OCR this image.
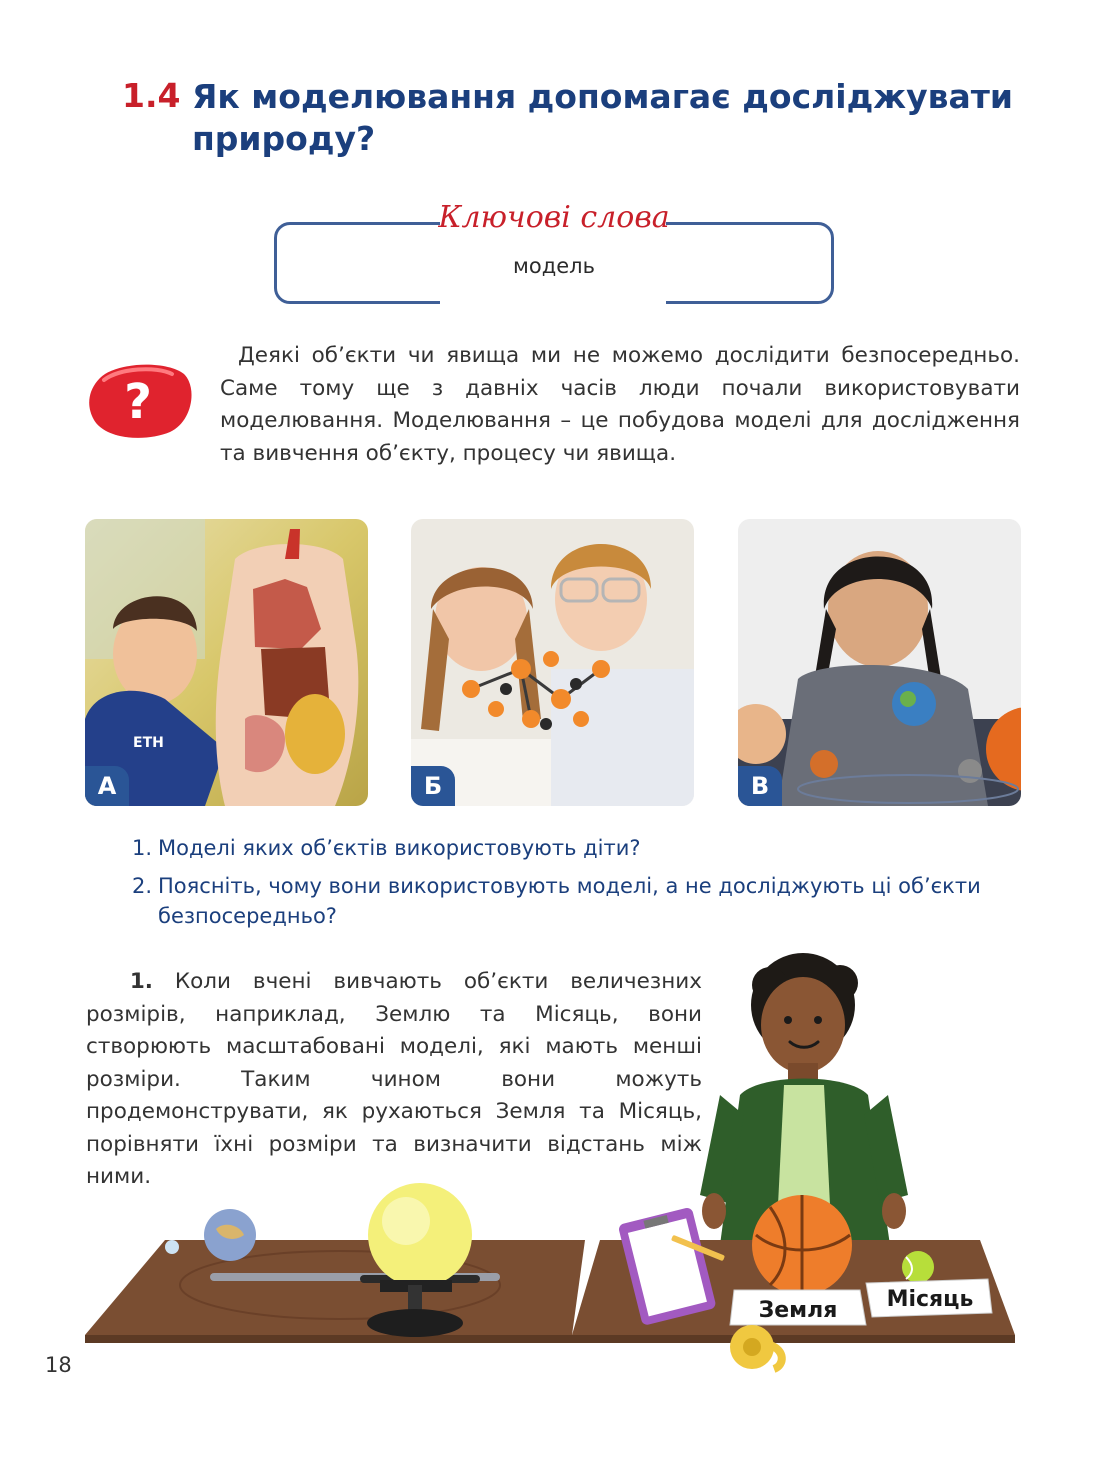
1.4 Як моделювання допомагає досліджувати природу?
Ключові слова
модель
?
Деякі об’єкти чи явища ми не можемо дослідити безпосередньо. Саме тому ще з давніх часів люди почали використовувати моделювання. Моделювання – це побудова моделі для дослідження та вивчення об’єкту, процесу чи явища.
ETH
А	Б	В
1. Моделі яких об’єктів використовують діти?
2. Поясніть, чому вони використовують моделі, а не досліджують ці об’єкти безпосередньо?
Земля Місяць
1. Коли вчені вивчають об’єкти величезних розмірів, наприклад, Землю та Місяць, вони створюють масштабовані моделі, які мають менші розміри. Таким чином вони можуть продемонструвати, як рухаються Земля та Місяць, порівняти їхні розміри та визначити відстань між ними.
18
